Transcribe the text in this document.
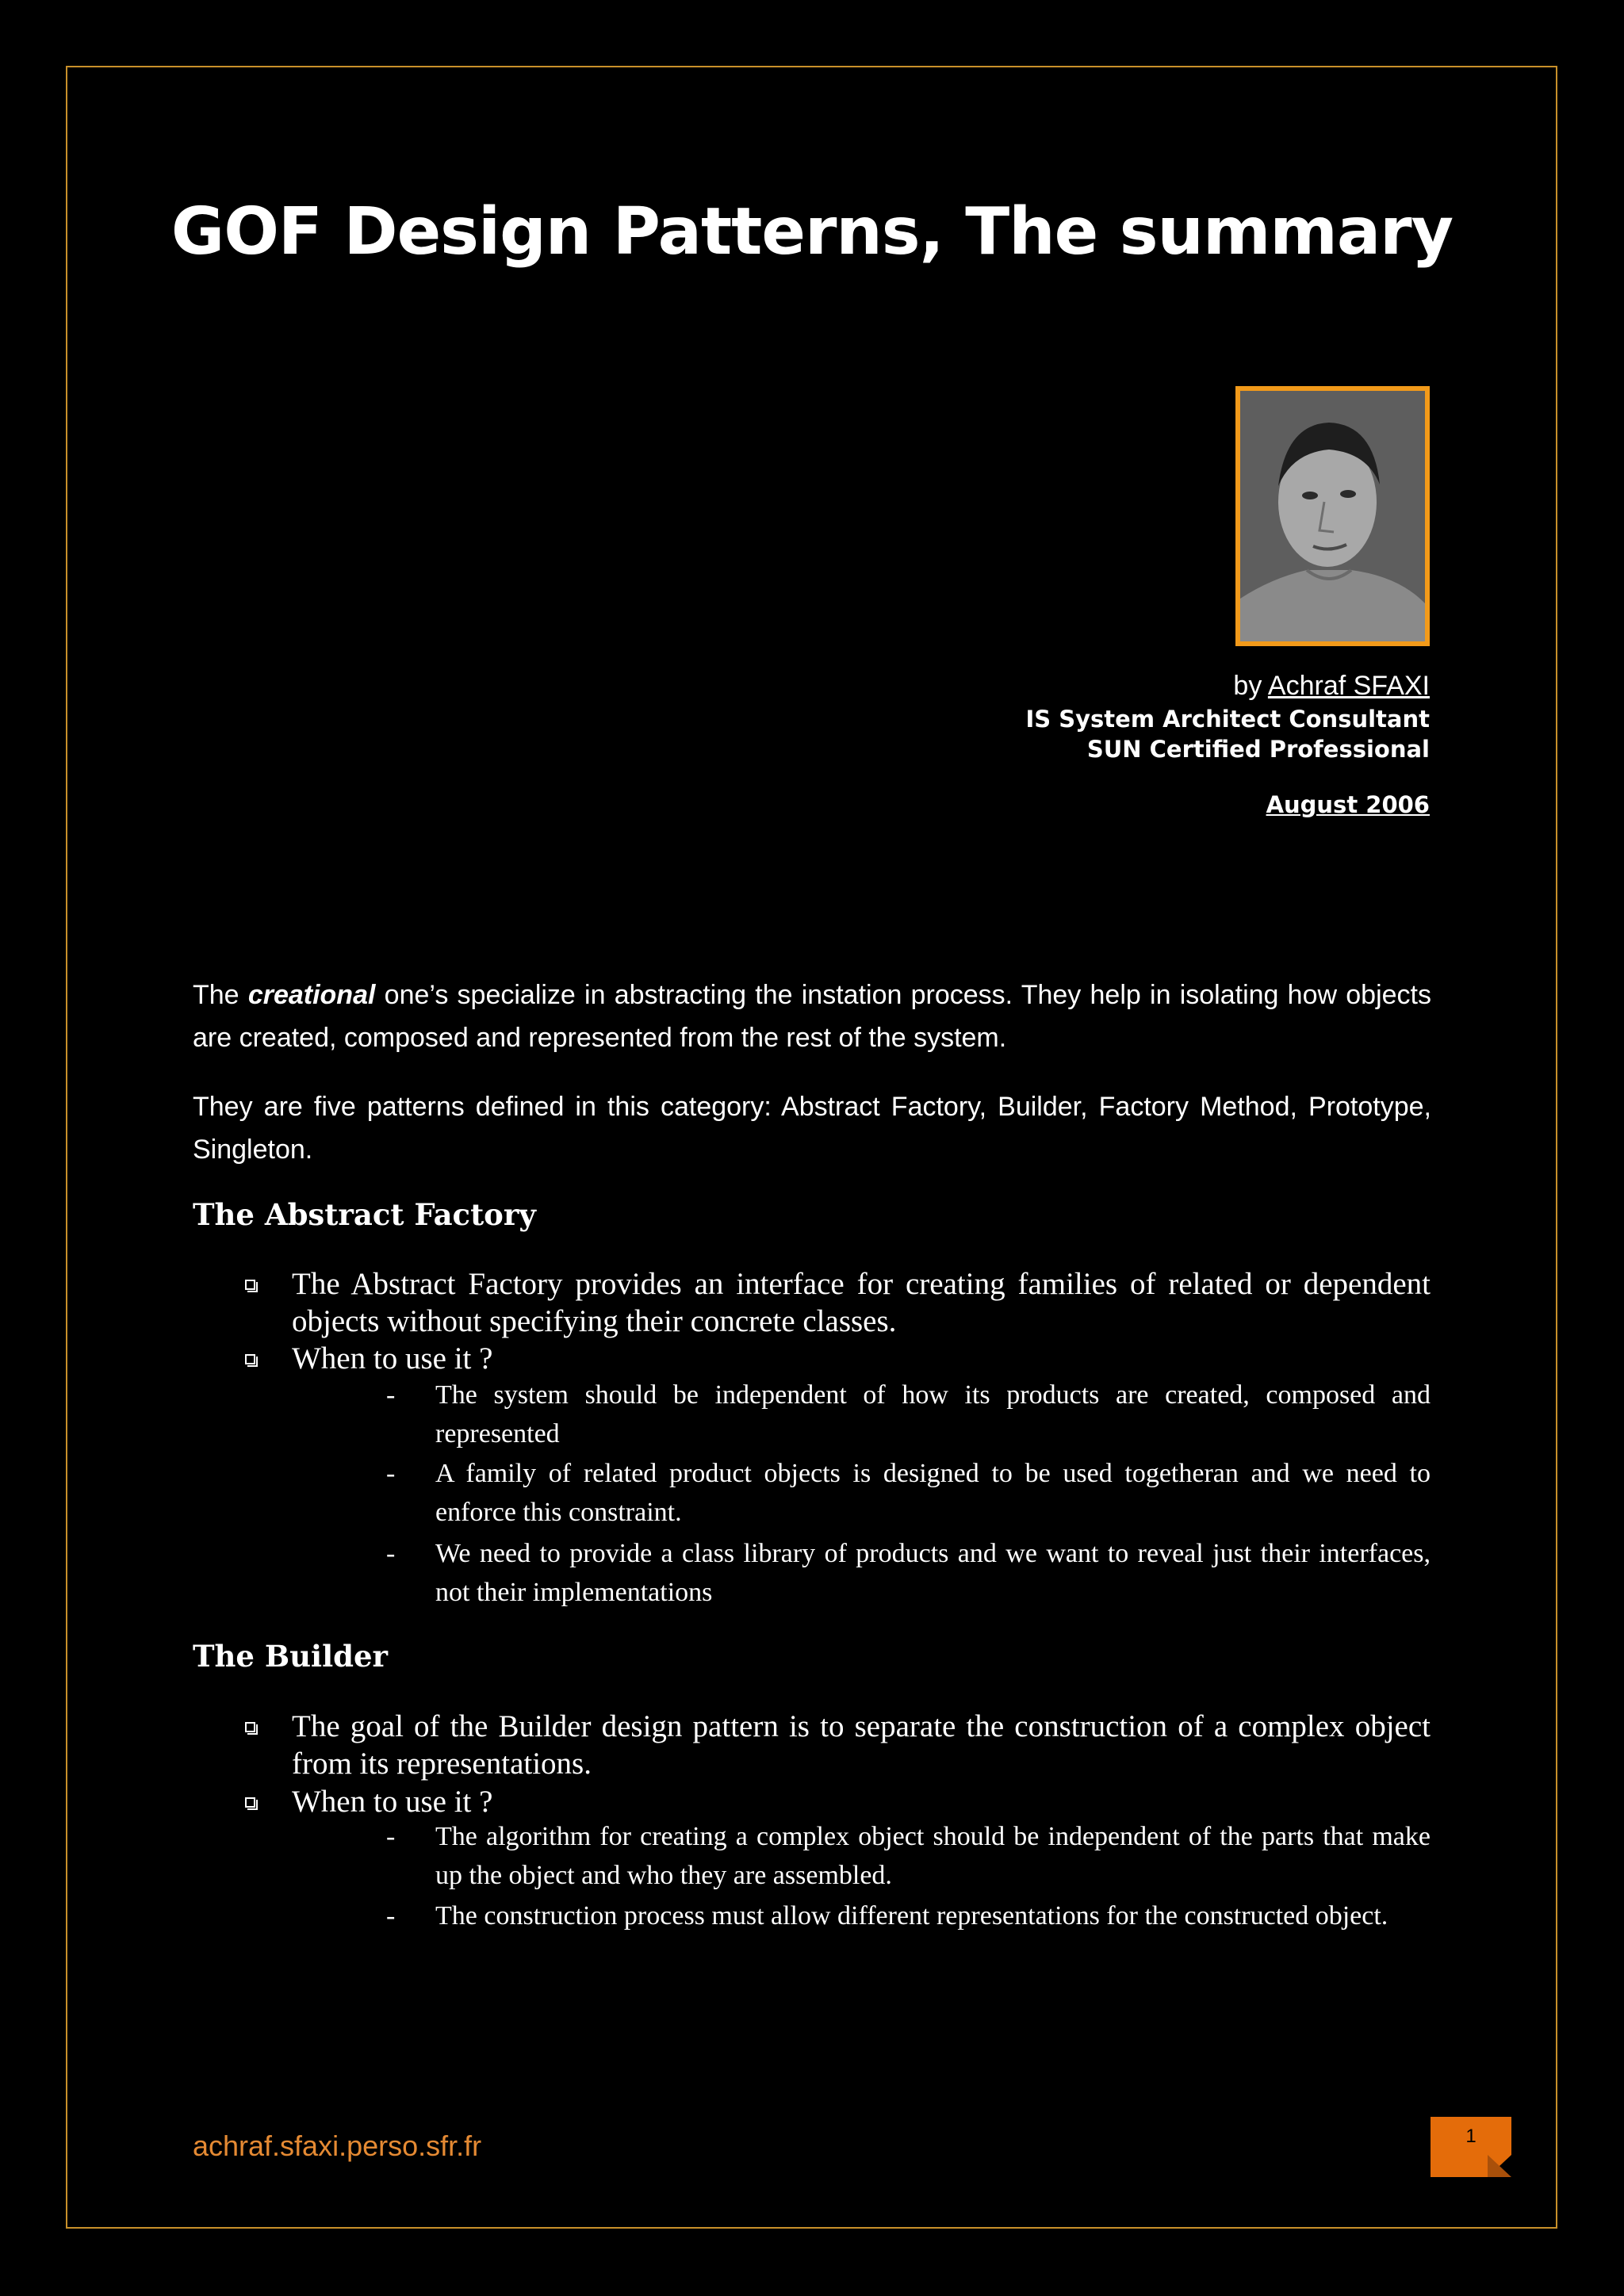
GOF Design Patterns, The summary
by Achraf SFAXI
IS System Architect Consultant
SUN Certified Professional
August 2006
The creational one’s specialize in abstracting the instation process. They help in isolating how objects are created, composed and represented from the rest of the system.
They are five patterns defined in this category: Abstract Factory, Builder, Factory Method, Prototype, Singleton.
The Abstract Factory
The Abstract Factory provides an interface for creating families of related or dependent objects without specifying their concrete classes.
When to use it ?
- The system should be independent of how its products are created, composed and represented
- A family of related product objects is designed to be used togetheran and we need to enforce this constraint.
- We need to provide a class library of products and we want to reveal just their interfaces, not their implementations
The Builder
The goal of the Builder design pattern is to separate the construction of a complex object from its representations.
When to use it ?
- The algorithm for creating a complex object should be independent of the parts that make up the object and who they are assembled.
- The construction process must allow different representations for the constructed object.
achraf.sfaxi.perso.sfr.fr	1
